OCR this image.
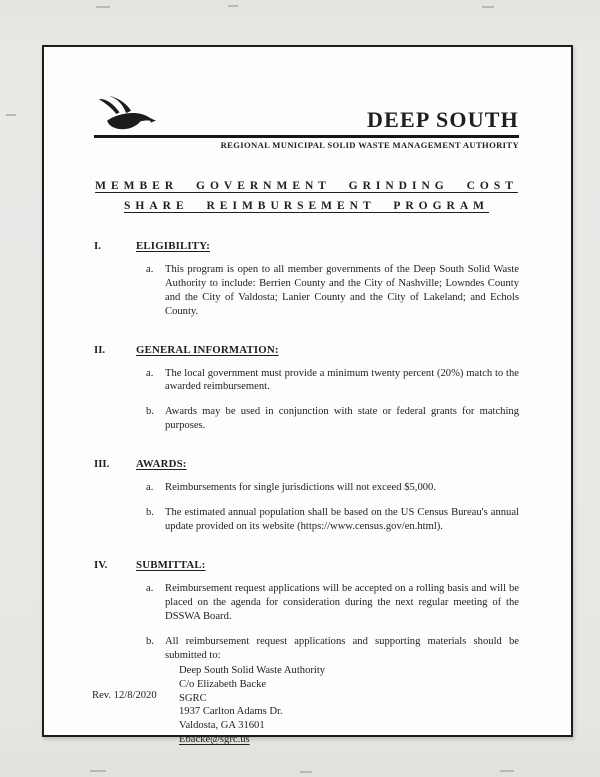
DEEP SOUTH
REGIONAL MUNICIPAL SOLID WASTE MANAGEMENT AUTHORITY
MEMBER GOVERNMENT GRINDING COST
SHARE REIMBURSEMENT PROGRAM
I.	ELIGIBILITY:
a.	This program is open to all member governments of the Deep South Solid Waste Authority to include: Berrien County and the City of Nashville; Lowndes County and the City of Valdosta; Lanier County and the City of Lakeland; and Echols County.
II.	GENERAL INFORMATION:
a.	The local government must provide a minimum twenty percent (20%) match to the awarded reimbursement.
b.	Awards may be used in conjunction with state or federal grants for matching purposes.
III.	AWARDS:
a.	Reimbursements for single jurisdictions will not exceed $5,000.
b.	The estimated annual population shall be based on the US Census Bureau's annual update provided on its website (https://www.census.gov/en.html).
IV.	SUBMITTAL:
a.	Reimbursement request applications will be accepted on a rolling basis and will be placed on the agenda for consideration during the next regular meeting of the DSSWA Board.
b.	All reimbursement request applications and supporting materials should be submitted to:
Deep South Solid Waste Authority
C/o Elizabeth Backe
SGRC
1937 Carlton Adams Dr.
Valdosta, GA 31601
Ebacke@sgrc.us
Rev. 12/8/2020
